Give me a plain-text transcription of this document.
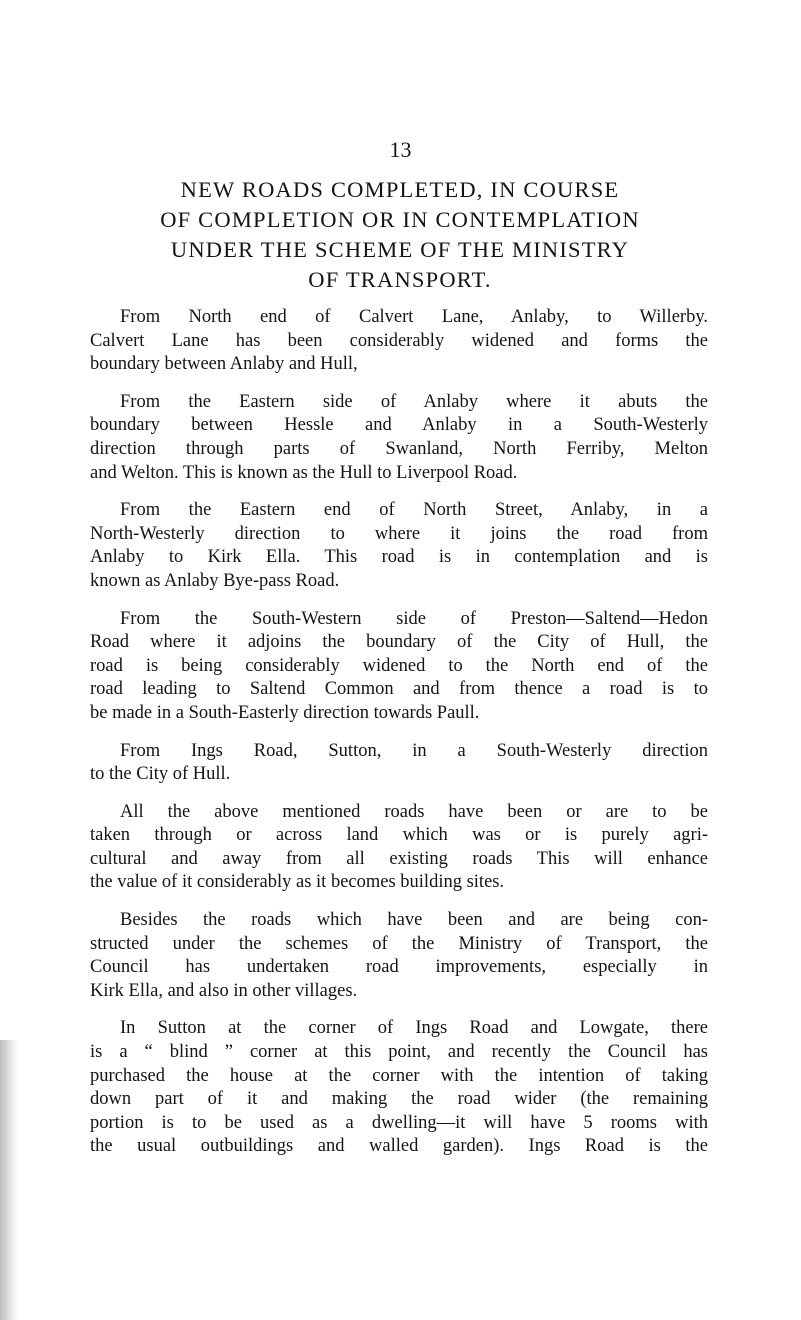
13
NEW ROADS COMPLETED, IN COURSE
OF COMPLETION OR IN CONTEMPLATION
UNDER THE SCHEME OF THE MINISTRY
OF TRANSPORT.
From North end of Calvert Lane, Anlaby, to Willerby.
Calvert Lane has been considerably widened and forms the
boundary between Anlaby and Hull,
From the Eastern side of Anlaby where it abuts the
boundary between Hessle and Anlaby in a South-Westerly
direction through parts of Swanland, North Ferriby, Melton
and Welton. This is known as the Hull to Liverpool Road.
From the Eastern end of North Street, Anlaby, in a
North-Westerly direction to where it joins the road from
Anlaby to Kirk Ella. This road is in contemplation and is
known as Anlaby Bye-pass Road.
From the South-Western side of Preston—Saltend—Hedon
Road where it adjoins the boundary of the City of Hull, the
road is being considerably widened to the North end of the
road leading to Saltend Common and from thence a road is to
be made in a South-Easterly direction towards Paull.
From Ings Road, Sutton, in a South-Westerly direction
to the City of Hull.
All the above mentioned roads have been or are to be
taken through or across land which was or is purely agri-
cultural and away from all existing roads This will enhance
the value of it considerably as it becomes building sites.
Besides the roads which have been and are being con-
structed under the schemes of the Ministry of Transport, the
Council has undertaken road improvements, especially in
Kirk Ella, and also in other villages.
In Sutton at the corner of Ings Road and Lowgate, there
is a “ blind ” corner at this point, and recently the Council has
purchased the house at the corner with the intention of taking
down part of it and making the road wider (the remaining
portion is to be used as a dwelling—it will have 5 rooms with
the usual outbuildings and walled garden). Ings Road is the
